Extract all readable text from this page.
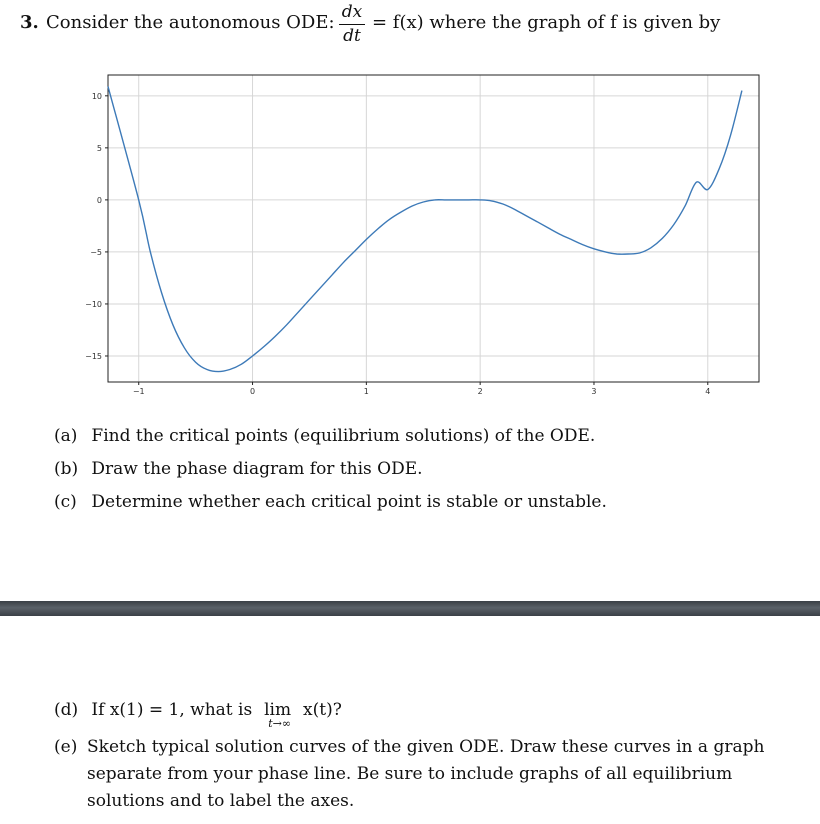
3. Consider the autonomous ODE: dx
dt
= f(x) where the graph of f is given by
−1	0	1	2	3	4
10
5
0
−5
−10
−15
(a) Find the critical points (equilibrium solutions) of the ODE.
(b) Draw the phase diagram for this ODE.
(c) Determine whether each critical point is stable or unstable.
(d) If x(1) = 1, what is lim
t→∞
x(t)?
(e) Sketch typical solution curves of the given ODE. Draw these curves in a graph separate from your phase line. Be sure to include graphs of all equilibrium solutions and to label the axes.
